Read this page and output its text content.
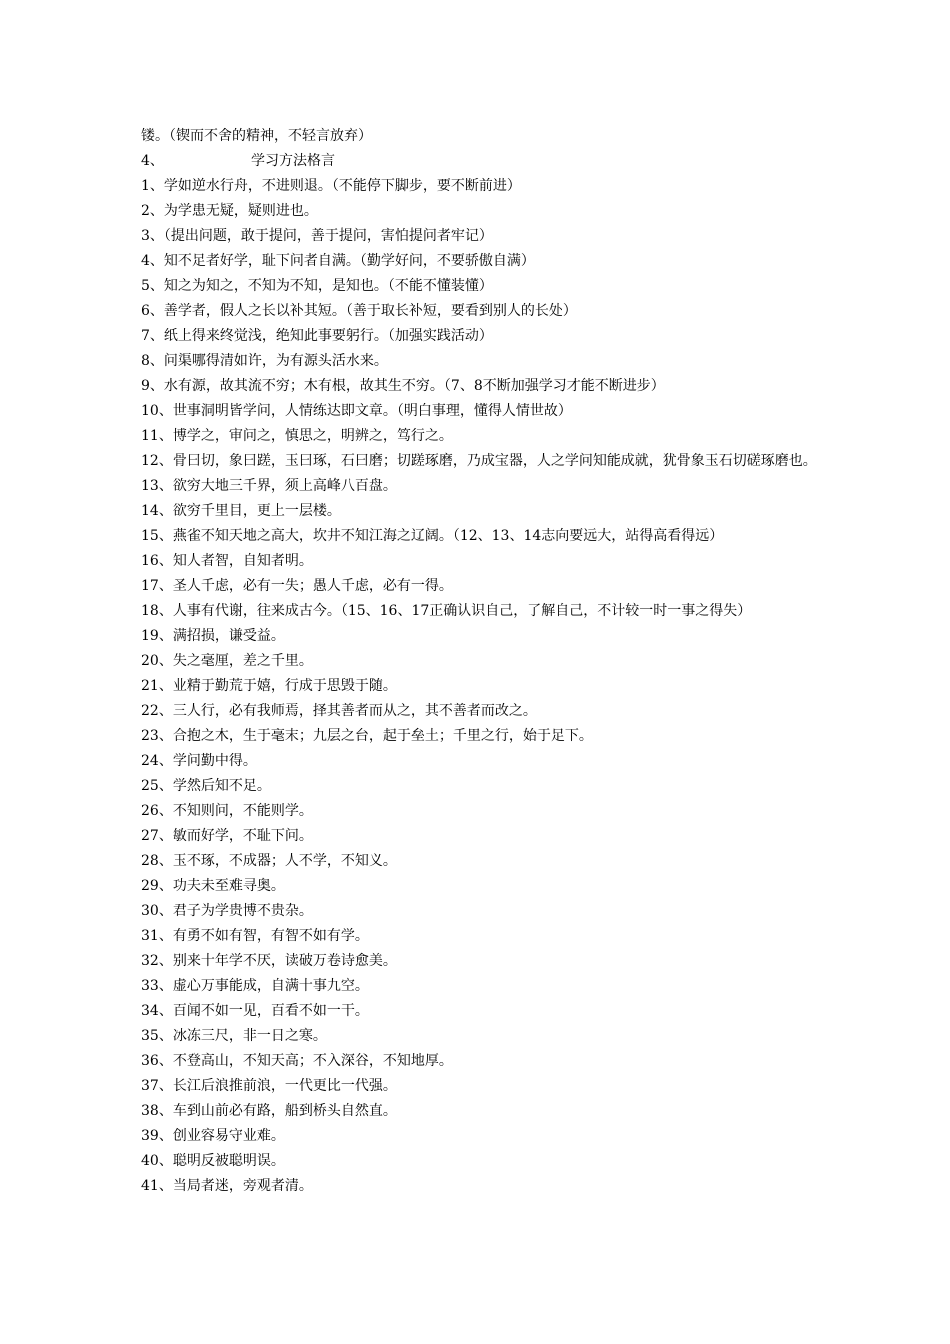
镂。（锲而不舍的精神，不轻言放弃）
4、	学习方法格言
1、学如逆水行舟，不进则退。（不能停下脚步，要不断前进）
2、为学患无疑，疑则进也。
3、（提出问题，敢于提问，善于提问，害怕提问者牢记）
4、知不足者好学，耻下问者自满。（勤学好问，不要骄傲自满）
5、知之为知之，不知为不知，是知也。（不能不懂装懂）
6、善学者，假人之长以补其短。（善于取长补短，要看到别人的长处）
7、纸上得来终觉浅，绝知此事要躬行。（加强实践活动）
8、问渠哪得清如许，为有源头活水来。
9、水有源，故其流不穷；木有根，故其生不穷。（7、8不断加强学习才能不断进步）
10、世事洞明皆学问，人情练达即文章。（明白事理，懂得人情世故）
11、博学之，审问之，慎思之，明辨之，笃行之。
12、骨曰切，象曰蹉，玉曰琢，石曰磨；切蹉琢磨，乃成宝器，人之学问知能成就，犹骨象玉石切磋琢磨也。
13、欲穷大地三千界，须上高峰八百盘。
14、欲穷千里目，更上一层楼。
15、燕雀不知天地之高大，坎井不知江海之辽阔。（12、13、14志向要远大，站得高看得远）
16、知人者智，自知者明。
17、圣人千虑，必有一失；愚人千虑，必有一得。
18、人事有代谢，往来成古今。（15、16、17正确认识自己，了解自己，不计较一时一事之得失）
19、满招损，谦受益。
20、失之毫厘，差之千里。
21、业精于勤荒于嬉，行成于思毁于随。
22、三人行，必有我师焉，择其善者而从之，其不善者而改之。
23、合抱之木，生于毫末；九层之台，起于垒土；千里之行，始于足下。
24、学问勤中得。
25、学然后知不足。
26、不知则问，不能则学。
27、敏而好学，不耻下问。
28、玉不琢，不成器；人不学，不知义。
29、功夫未至难寻奥。
30、君子为学贵博不贵杂。
31、有勇不如有智，有智不如有学。
32、别来十年学不厌，读破万卷诗愈美。
33、虚心万事能成，自满十事九空。
34、百闻不如一见，百看不如一干。
35、冰冻三尺，非一日之寒。
36、不登高山，不知天高；不入深谷，不知地厚。
37、长江后浪推前浪，一代更比一代强。
38、车到山前必有路，船到桥头自然直。
39、创业容易守业难。
40、聪明反被聪明误。
41、当局者迷，旁观者清。
